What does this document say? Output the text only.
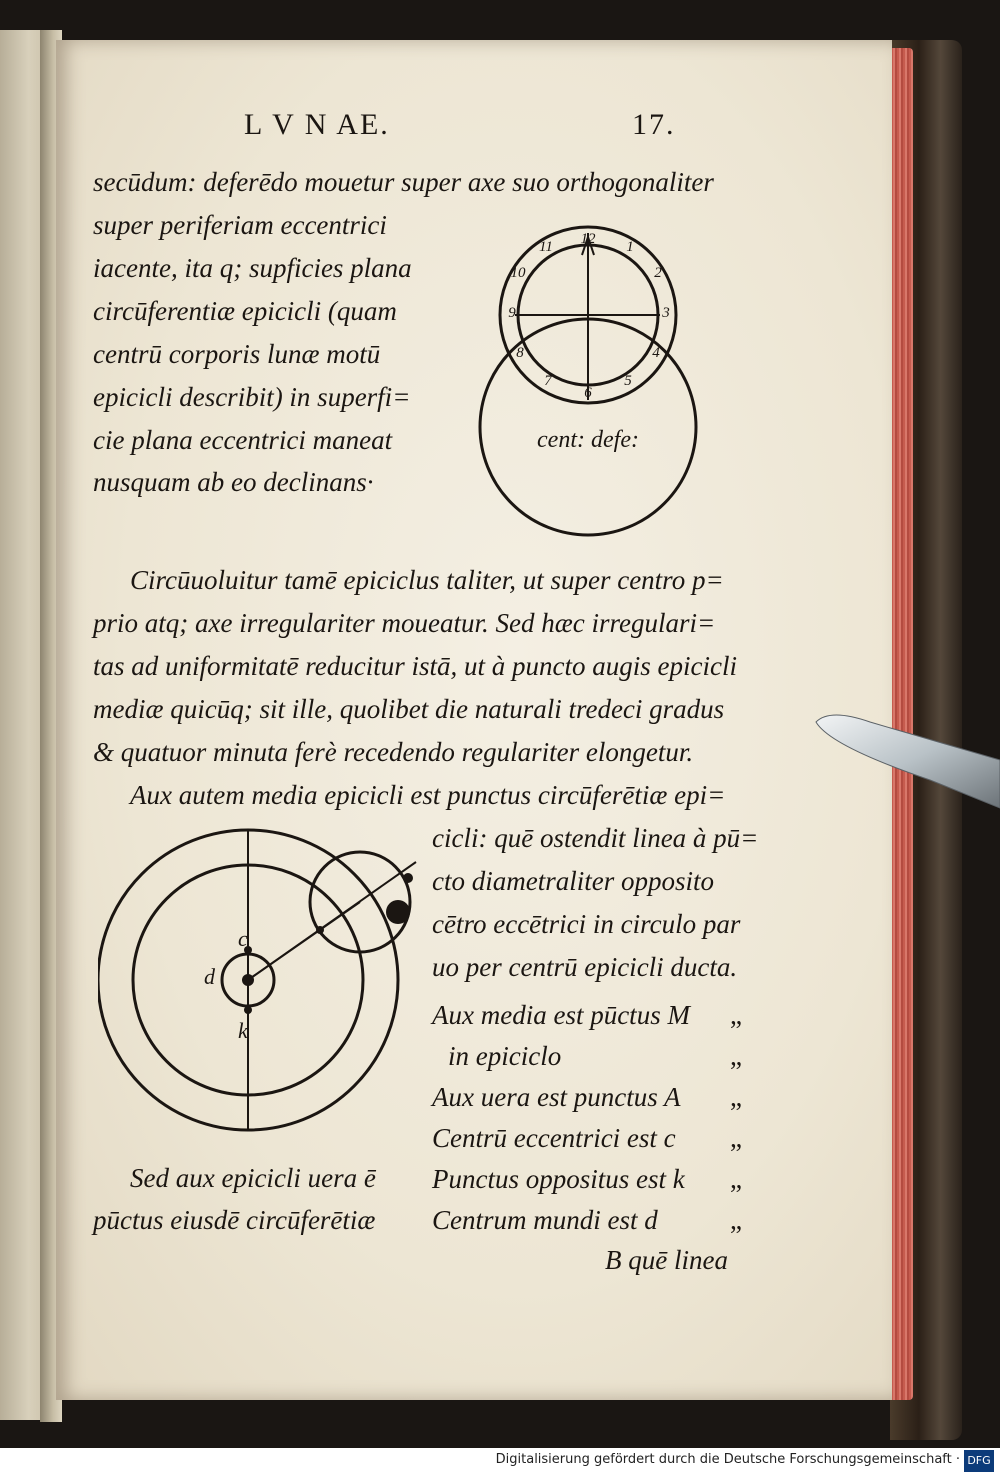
L V N AE.	17.

secūdum: deferēdo mouetur super axe suo orthogonaliter

super periferiam eccentrici

iacente, ita q; supficies plana

circūferentiæ epicicli (quam

centrū corporis lunæ motū

epicicli describit) in superfi=

cie plana eccentrici maneat

nusquam ab eo declinans·

12 1
2
3
4
5
6
7
8
9
10
11
cent: defe:

Circūuoluitur tamē epiciclus taliter, ut super centro p=

prio atq; axe irregulariter moueatur. Sed hæc irregulari=

tas ad uniformitatē reducitur istā, ut à puncto augis epicicli

mediæ quicūq; sit ille, quolibet die naturali tredeci gradus

& quatuor minuta ferè recedendo regulariter elongetur.

Aux autem media epicicli est punctus circūferētiæ epi=

cicli: quē ostendit linea à pū=

cto diametraliter opposito

cētro eccētrici in circulo par

uo per centrū epicicli ducta.

c
d
k

Aux media est pūctus M „

in epiciclo	„

Aux uera est punctus A „

Centrū eccentrici est c „

Punctus oppositus est k „

Centrum mundi est d	„

B quē linea

Sed aux epicicli uera ē

pūctus eiusdē circūferētiæ

Digitalisierung gefördert durch die Deutsche Forschungsgemeinschaft · DFG
